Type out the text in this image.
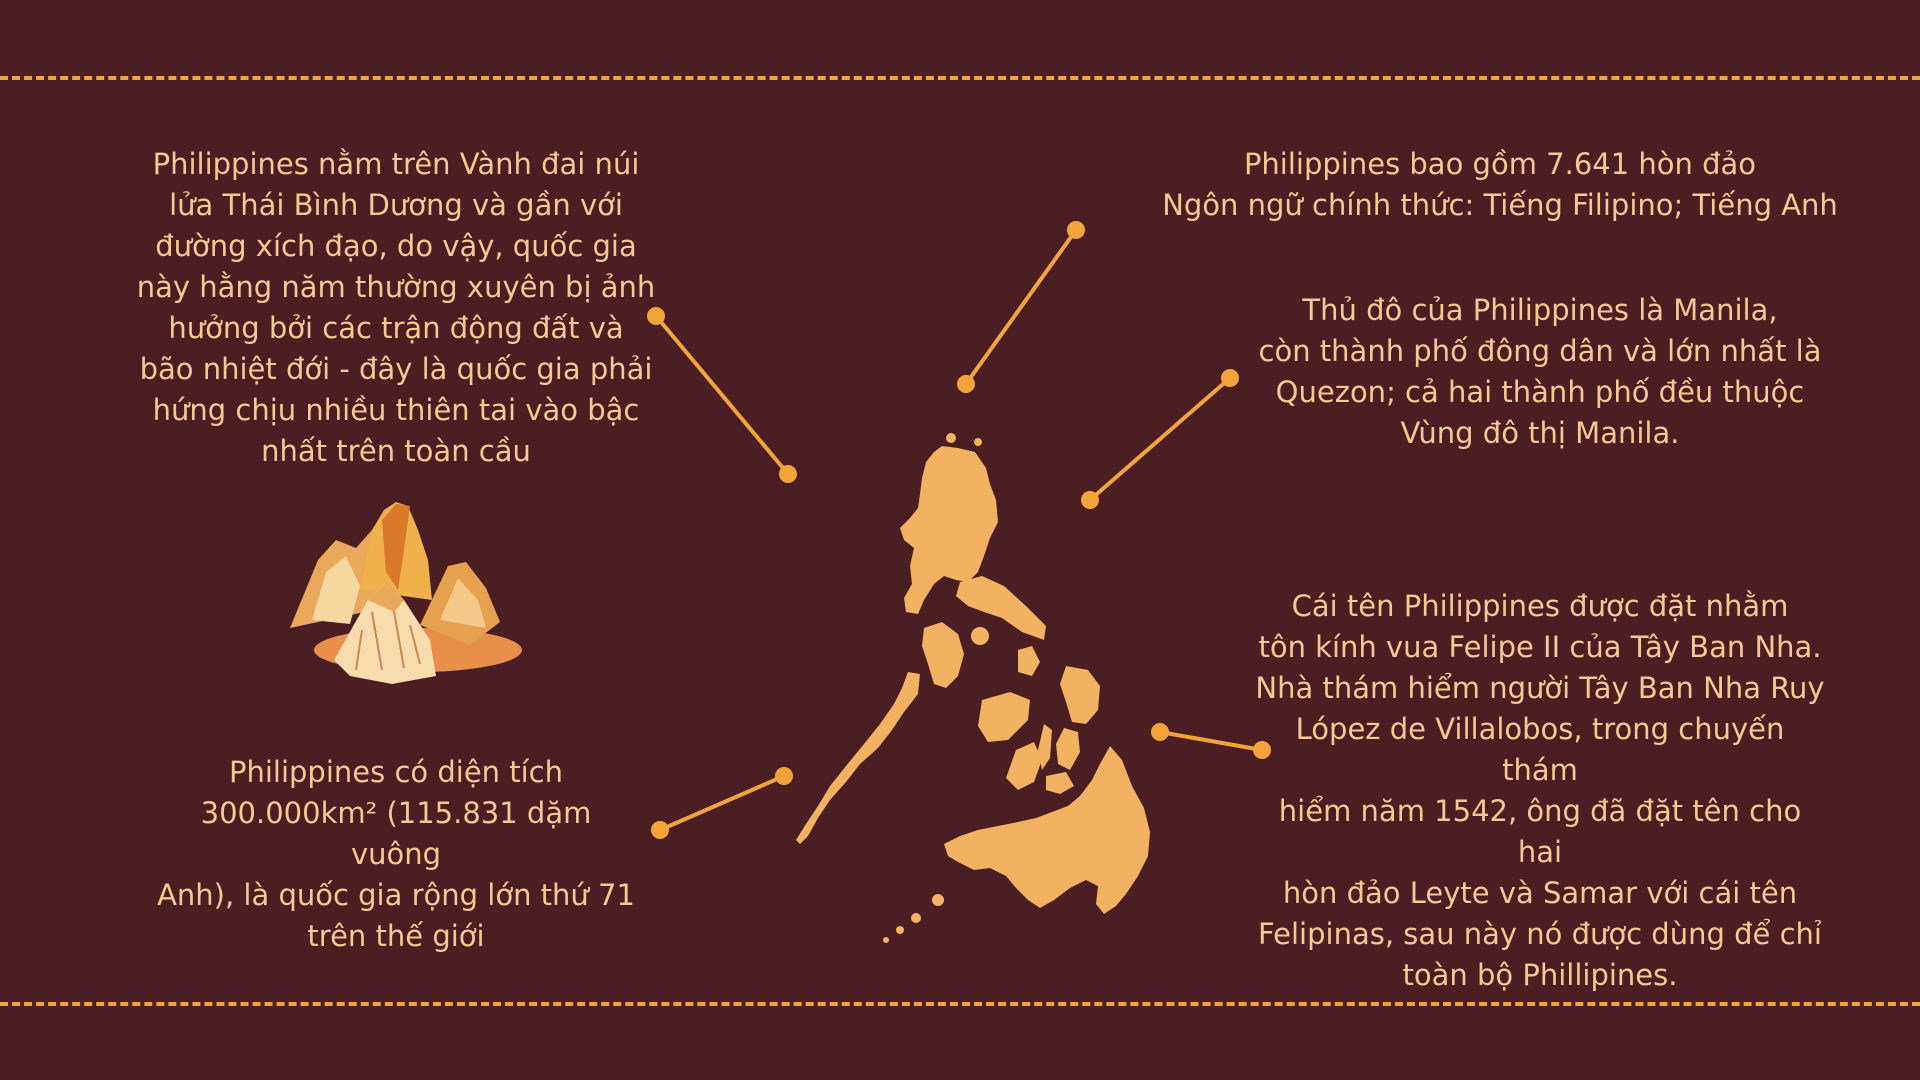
Philippines nằm trên Vành đai núi
lửa Thái Bình Dương và gần với
đường xích đạo, do vậy, quốc gia
này hằng năm thường xuyên bị ảnh
hưởng bởi các trận động đất và
bão nhiệt đới - đây là quốc gia phải
hứng chịu nhiều thiên tai vào bậc
nhất trên toàn cầu

Philippines có diện tích
300.000km² (115.831 dặm vuông
Anh), là quốc gia rộng lớn thứ 71
trên thế giới

Philippines bao gồm 7.641 hòn đảo
Ngôn ngữ chính thức: Tiếng Filipino; Tiếng Anh

Thủ đô của Philippines là Manila,
còn thành phố đông dân và lớn nhất là
Quezon; cả hai thành phố đều thuộc
Vùng đô thị Manila.

Cái tên Philippines được đặt nhằm
tôn kính vua Felipe II của Tây Ban Nha.
Nhà thám hiểm người Tây Ban Nha Ruy
López de Villalobos, trong chuyến thám
hiểm năm 1542, ông đã đặt tên cho hai
hòn đảo Leyte và Samar với cái tên
Felipinas, sau này nó được dùng để chỉ
toàn bộ Phillipines.
